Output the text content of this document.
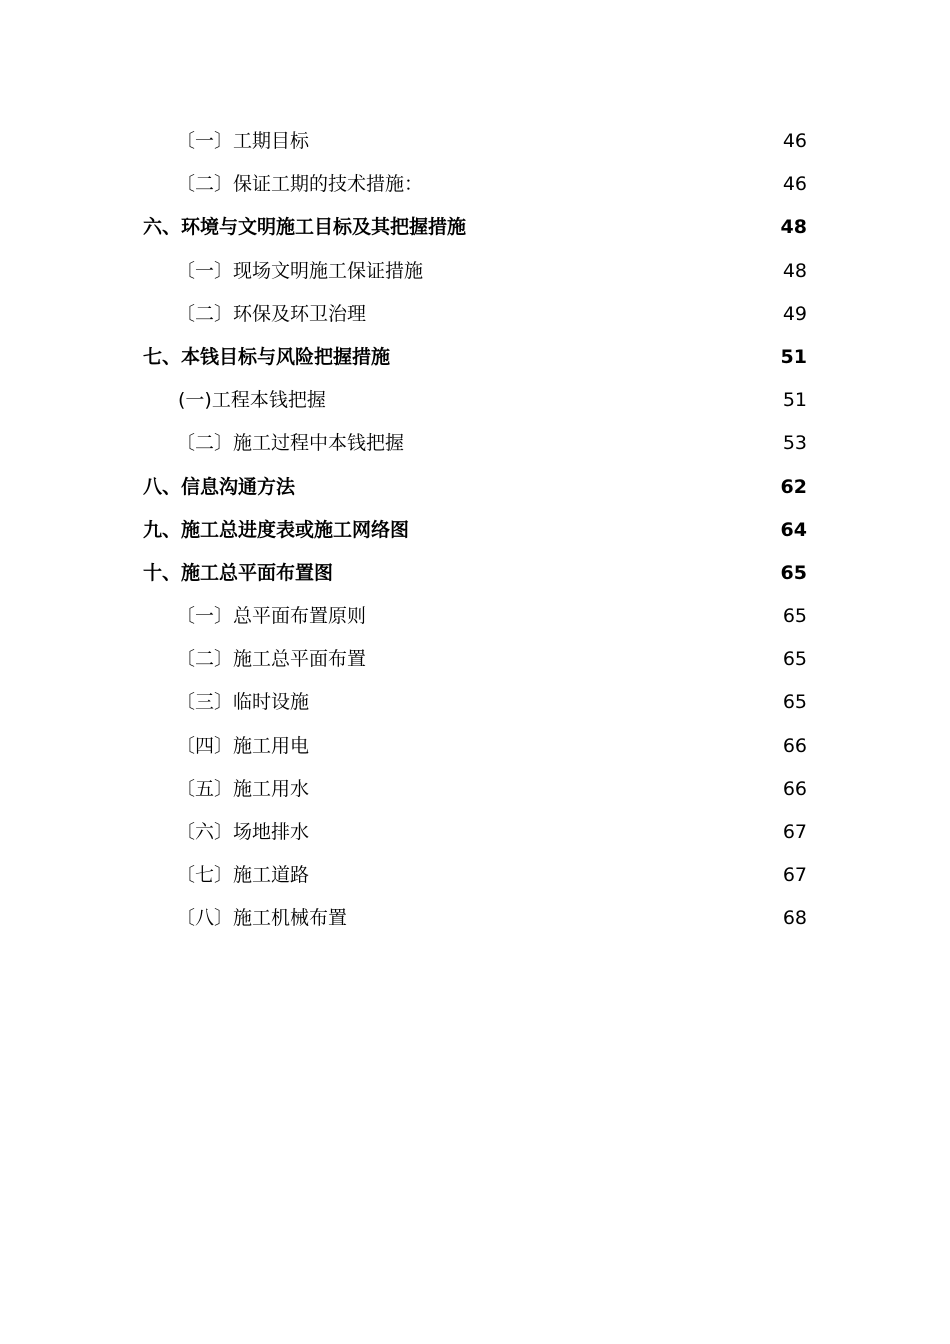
〔一〕工期目标	46
〔二〕保证工期的技术措施：	46
六、环境与文明施工目标及其把握措施	48
〔一〕现场文明施工保证措施	48
〔二〕环保及环卫治理	49
七、本钱目标与风险把握措施	51
(一)工程本钱把握	51
〔二〕施工过程中本钱把握	53
八、信息沟通方法	62
九、施工总进度表或施工网络图	64
十、施工总平面布置图	65
〔一〕总平面布置原则	65
〔二〕施工总平面布置	65
〔三〕临时设施	65
〔四〕施工用电	66
〔五〕施工用水	66
〔六〕场地排水	67
〔七〕施工道路	67
〔八〕施工机械布置	68
